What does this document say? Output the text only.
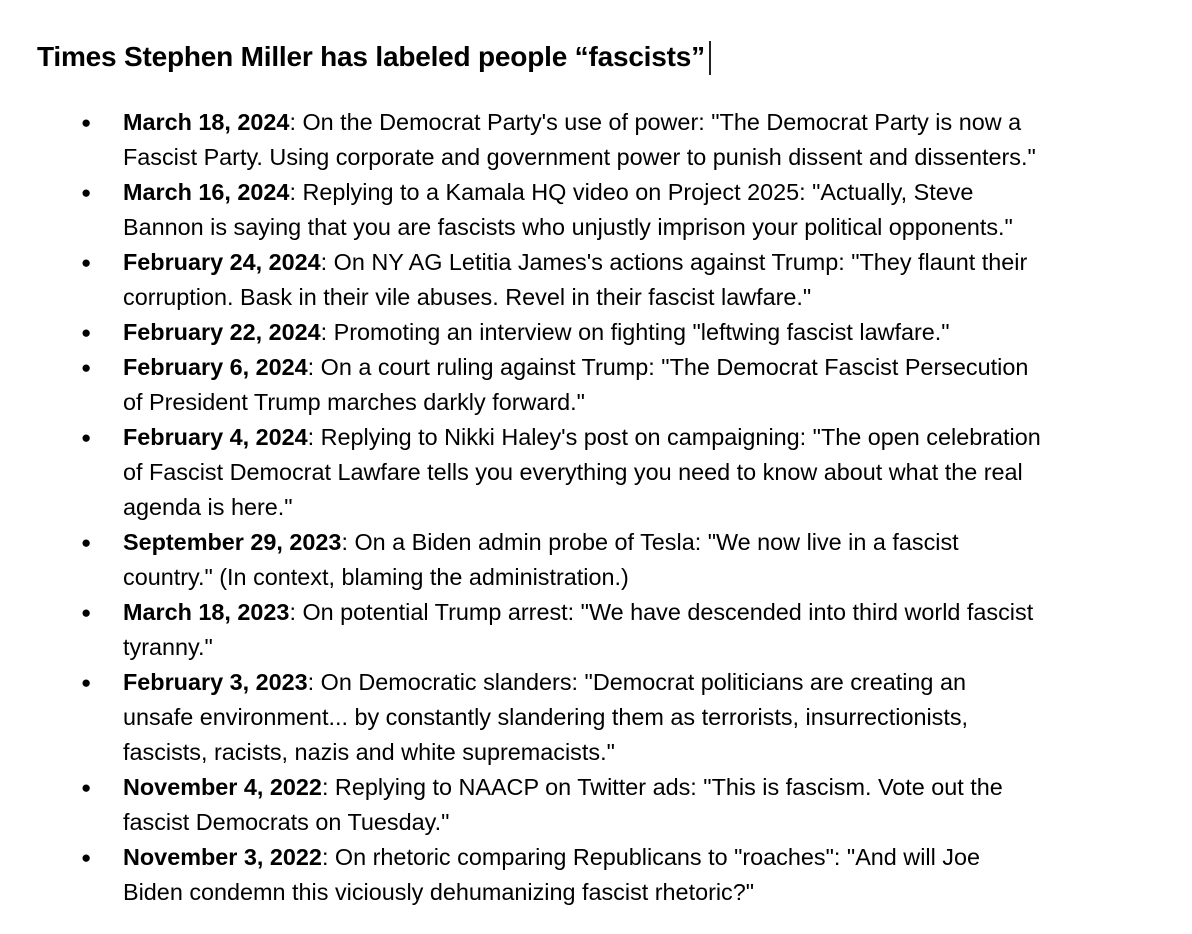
Times Stephen Miller has labeled people “fascists”
● March 18, 2024: On the Democrat Party's use of power: "The Democrat Party is now a
Fascist Party. Using corporate and government power to punish dissent and dissenters."
● March 16, 2024: Replying to a Kamala HQ video on Project 2025: "Actually, Steve
Bannon is saying that you are fascists who unjustly imprison your political opponents."
● February 24, 2024: On NY AG Letitia James's actions against Trump: "They flaunt their
corruption. Bask in their vile abuses. Revel in their fascist lawfare."
● February 22, 2024: Promoting an interview on fighting "leftwing fascist lawfare."
● February 6, 2024: On a court ruling against Trump: "The Democrat Fascist Persecution
of President Trump marches darkly forward."
● February 4, 2024: Replying to Nikki Haley's post on campaigning: "The open celebration
of Fascist Democrat Lawfare tells you everything you need to know about what the real
agenda is here."
● September 29, 2023: On a Biden admin probe of Tesla: "We now live in a fascist
country." (In context, blaming the administration.)
● March 18, 2023: On potential Trump arrest: "We have descended into third world fascist
tyranny."
● February 3, 2023: On Democratic slanders: "Democrat politicians are creating an
unsafe environment... by constantly slandering them as terrorists, insurrectionists,
fascists, racists, nazis and white supremacists."
● November 4, 2022: Replying to NAACP on Twitter ads: "This is fascism. Vote out the
fascist Democrats on Tuesday."
● November 3, 2022: On rhetoric comparing Republicans to "roaches": "And will Joe
Biden condemn this viciously dehumanizing fascist rhetoric?"
